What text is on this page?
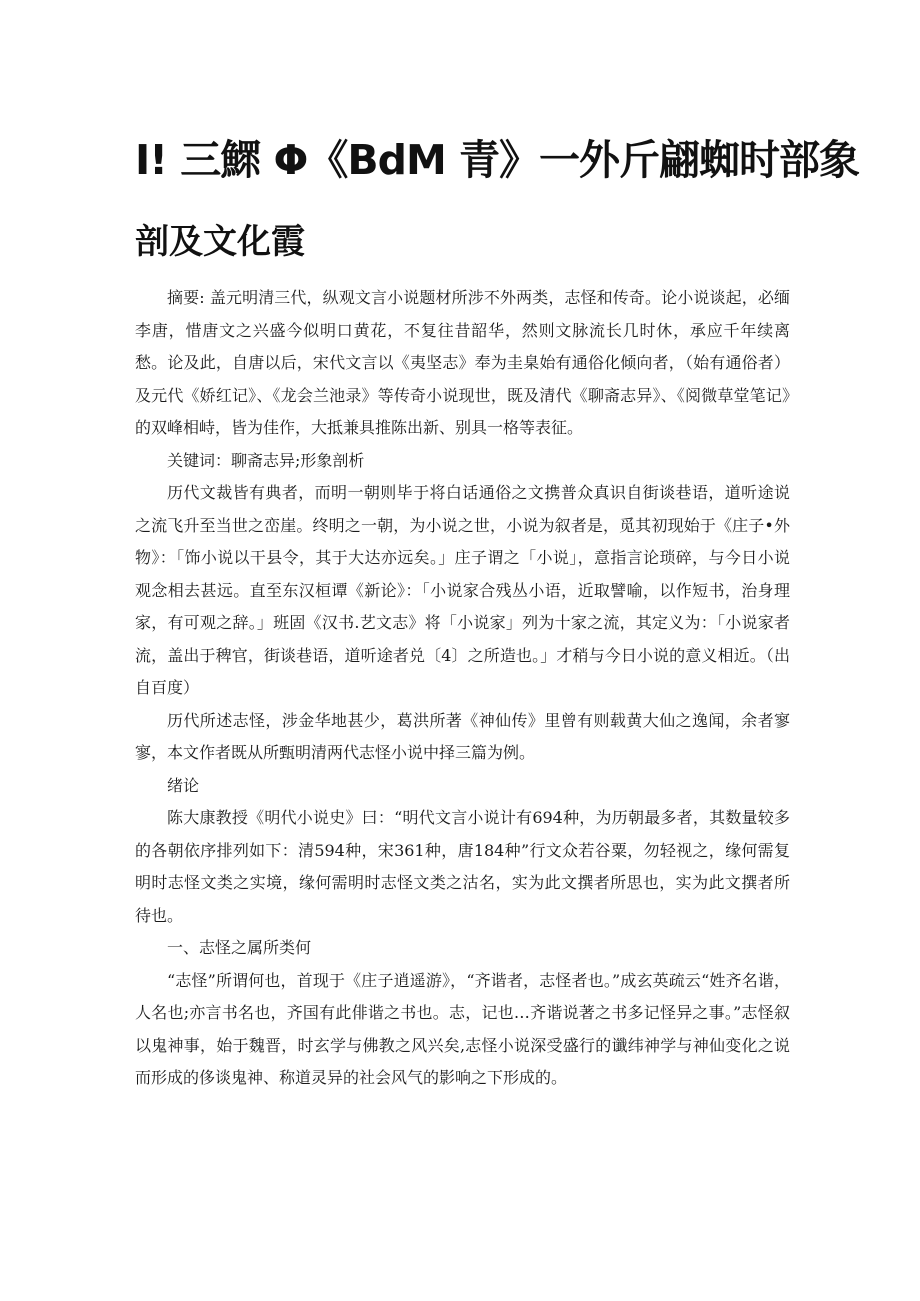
I! 三鰥 Φ《BdM 青》一外斤翩蜘时部象
剖及文化霞

摘要: 盖元明清三代，纵观文言小说题材所涉不外两类，志怪和传奇。论小说谈起，必缅李唐，惜唐文之兴盛今似明口黄花，不复往昔韶华，然则文脉流长几时休，承应千年续离愁。论及此，自唐以后，宋代文言以《夷坚志》奉为圭臬始有通俗化倾向者，（始有通俗者）及元代《娇红记》、《龙会兰池录》等传奇小说现世，既及清代《聊斋志异》、《阅微草堂笔记》的双峰相峙，皆为佳作，大抵兼具推陈出新、别具一格等表征。

关键词：聊斋志异;形象剖析

历代文裁皆有典者，而明一朝则毕于将白话通俗之文携普众真识自街谈巷语，道听途说之流飞升至当世之峦崖。终明之一朝，为小说之世，小说为叙者是，觅其初现始于《庄子•外物》：「饰小说以干县令，其于大达亦远矣。」庄子谓之「小说」，意指言论琐碎，与今日小说观念相去甚远。直至东汉桓谭《新论》：「小说家合残丛小语，近取譬喻，以作短书，治身理家，有可观之辞。」班固《汉书.艺文志》将「小说家」列为十家之流，其定义为：「小说家者流，盖出于稗官，街谈巷语，道听途者兑〔4〕之所造也。」才稍与今日小说的意义相近。（出自百度）

历代所述志怪，涉金华地甚少，葛洪所著《神仙传》里曾有则载黄大仙之逸闻，余者寥寥，本文作者既从所甄明清两代志怪小说中择三篇为例。

绪论

陈大康教授《明代小说史》曰：“明代文言小说计有694种，为历朝最多者，其数量较多的各朝依序排列如下：清594种，宋361种，唐184种”行文众若谷粟，勿轻视之，缘何需复明时志怪文类之实境，缘何需明时志怪文类之沽名，实为此文撰者所思也，实为此文撰者所待也。

一、志怪之属所类何

“志怪”所谓何也，首现于《庄子逍遥游》，“齐谐者，志怪者也。”成玄英疏云“姓齐名谐，人名也;亦言书名也，齐国有此俳谐之书也。志，记也…齐谐说著之书多记怪异之事。”志怪叙以鬼神事，始于魏晋，时玄学与佛教之风兴矣,志怪小说深受盛行的谶纬神学与神仙变化之说而形成的侈谈鬼神、称道灵异的社会风气的影响之下形成的。
